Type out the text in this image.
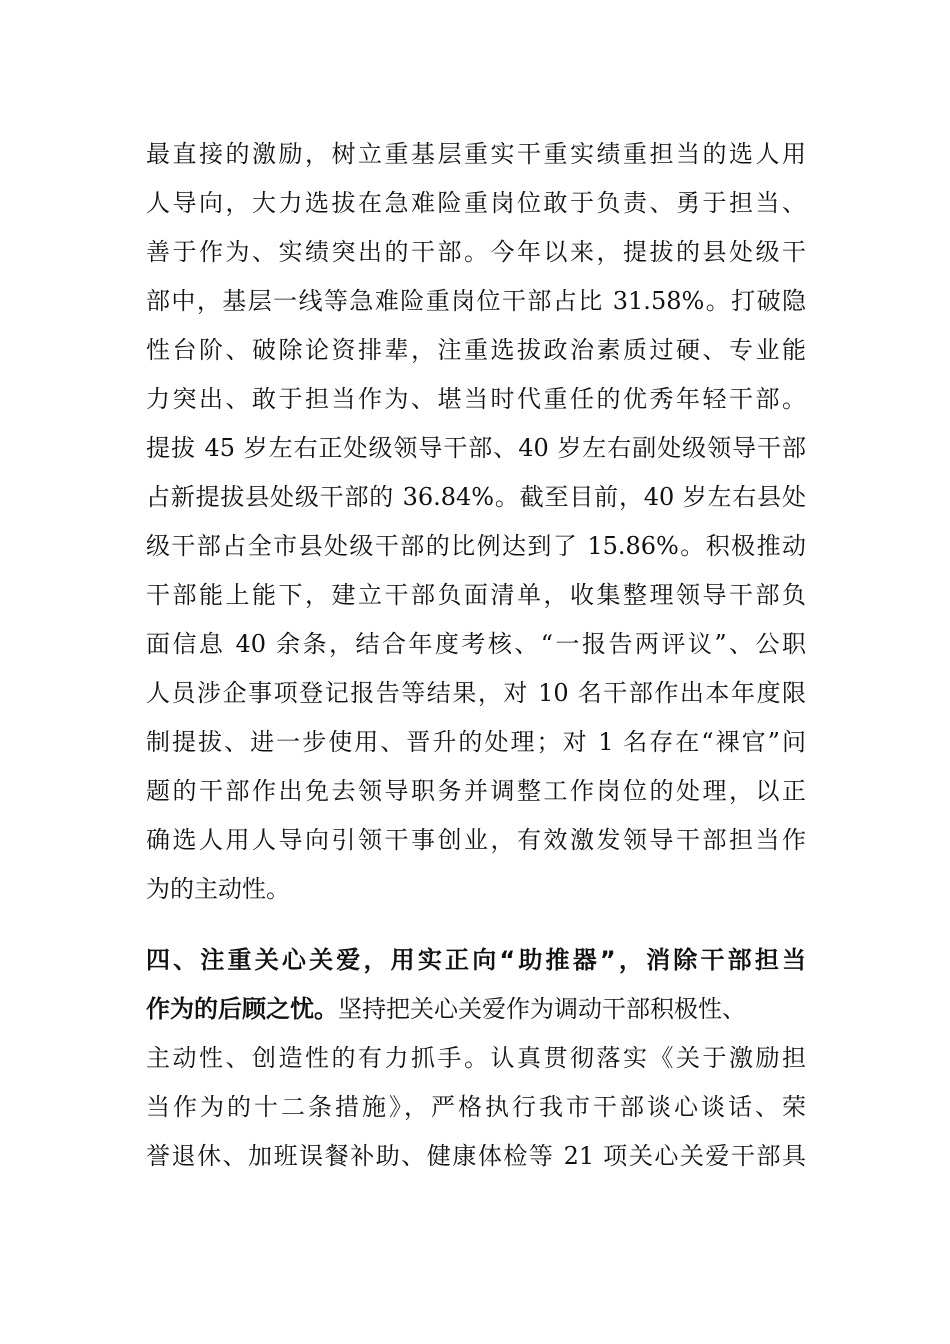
最直接的激励，树立重基层重实干重实绩重担当的选人用
人导向，大力选拔在急难险重岗位敢于负责、勇于担当、
善于作为、实绩突出的干部。今年以来，提拔的县处级干
部中，基层一线等急难险重岗位干部占比 31.58%。打破隐
性台阶、破除论资排辈，注重选拔政治素质过硬、专业能
力突出、敢于担当作为、堪当时代重任的优秀年轻干部。
提拔 45 岁左右正处级领导干部、40 岁左右副处级领导干部
占新提拔县处级干部的 36.84%。截至目前，40 岁左右县处
级干部占全市县处级干部的比例达到了 15.86%。积极推动
干部能上能下，建立干部负面清单，收集整理领导干部负
面信息 40 余条，结合年度考核、“一报告两评议”、公职
人员涉企事项登记报告等结果，对 10 名干部作出本年度限
制提拔、进一步使用、晋升的处理；对 1 名存在“裸官”问
题的干部作出免去领导职务并调整工作岗位的处理，以正
确选人用人导向引领干事创业，有效激发领导干部担当作
为的主动性。
四、注重关心关爱，用实正向“助推器”，消除干部担当
作为的后顾之忧。坚持把关心关爱作为调动干部积极性、
主动性、创造性的有力抓手。认真贯彻落实《关于激励担
当作为的十二条措施》，严格执行我市干部谈心谈话、荣
誉退休、加班误餐补助、健康体检等 21 项关心关爱干部具
